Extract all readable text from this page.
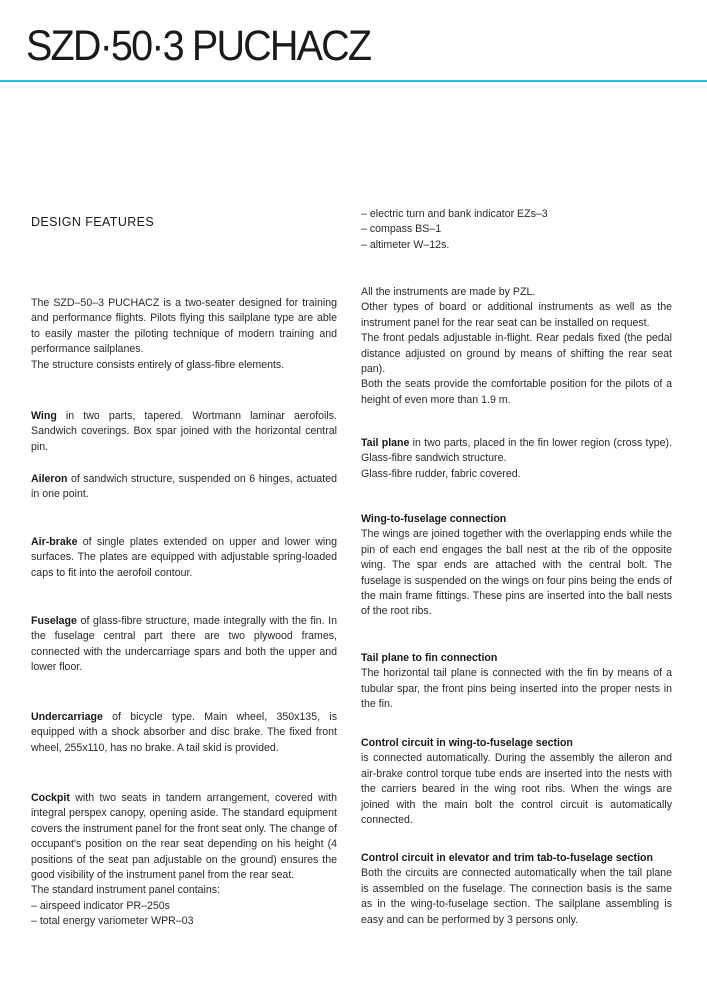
SZD·50·3 PUCHACZ
DESIGN FEATURES

The SZD–50–3 PUCHACZ is a two-seater designed for training and performance flights. Pilots flying this sailplane type are able to easily master the piloting technique of modern training and performance sailplanes.

The structure consists entirely of glass-fibre elements.

Wing in two parts, tapered. Wortmann laminar aerofoils. Sandwich coverings. Box spar joined with the horizontal central pin.

Aileron of sandwich structure, suspended on 6 hinges, actuated in one point.

Air-brake of single plates extended on upper and lower wing surfaces. The plates are equipped with adjustable spring-loaded caps to fit into the aerofoil contour.

Fuselage of glass-fibre structure, made integrally with the fin. In the fuselage central part there are two plywood frames, connected with the undercarriage spars and both the upper and lower floor.

Undercarriage of bicycle type. Main wheel, 350x135, is equipped with a shock absorber and disc brake. The fixed front wheel, 255x110, has no brake. A tail skid is provided.

Cockpit with two seats in tandem arrangement, covered with integral perspex canopy, opening aside. The standard equipment covers the instrument panel for the front seat only. The change of occupant's position on the rear seat depending on his height (4 positions of the seat pan adjustable on the ground) ensures the good visibility of the instrument panel from the rear seat.

The standard instrument panel contains:

– airspeed indicator PR–250s

– total energy variometer WPR–03

– electric turn and bank indicator EZs–3

– compass BS–1

– altimeter W–12s.

All the instruments are made by PZL.

Other types of board or additional instruments as well as the instrument panel for the rear seat can be installed on request.

The front pedals adjustable in-flight. Rear pedals fixed (the pedal distance adjusted on ground by means of shifting the rear seat pan).

Both the seats provide the comfortable position for the pilots of a height of even more than 1.9 m.

Tail plane in two parts, placed in the fin lower region (cross type). Glass-fibre sandwich structure.

Glass-fibre rudder, fabric covered.

Wing-to-fuselage connection

The wings are joined together with the overlapping ends while the pin of each end engages the ball nest at the rib of the opposite wing. The spar ends are attached with the central bolt. The fuselage is suspended on the wings on four pins being the ends of the main frame fittings. These pins are inserted into the ball nests of the root ribs.

Tail plane to fin connection

The horizontal tail plane is connected with the fin by means of a tubular spar, the front pins being inserted into the proper nests in the fin.

Control circuit in wing-to-fuselage section

is connected automatically. During the assembly the aileron and air-brake control torque tube ends are inserted into the nests with the carriers beared in the wing root ribs. When the wings are joined with the main bolt the control circuit is automatically connected.

Control circuit in elevator and trim tab-to-fuselage section

Both the circuits are connected automatically when the tail plane is assembled on the fuselage. The connection basis is the same as in the wing-to-fuselage section. The sailplane assembling is easy and can be performed by 3 persons only.
